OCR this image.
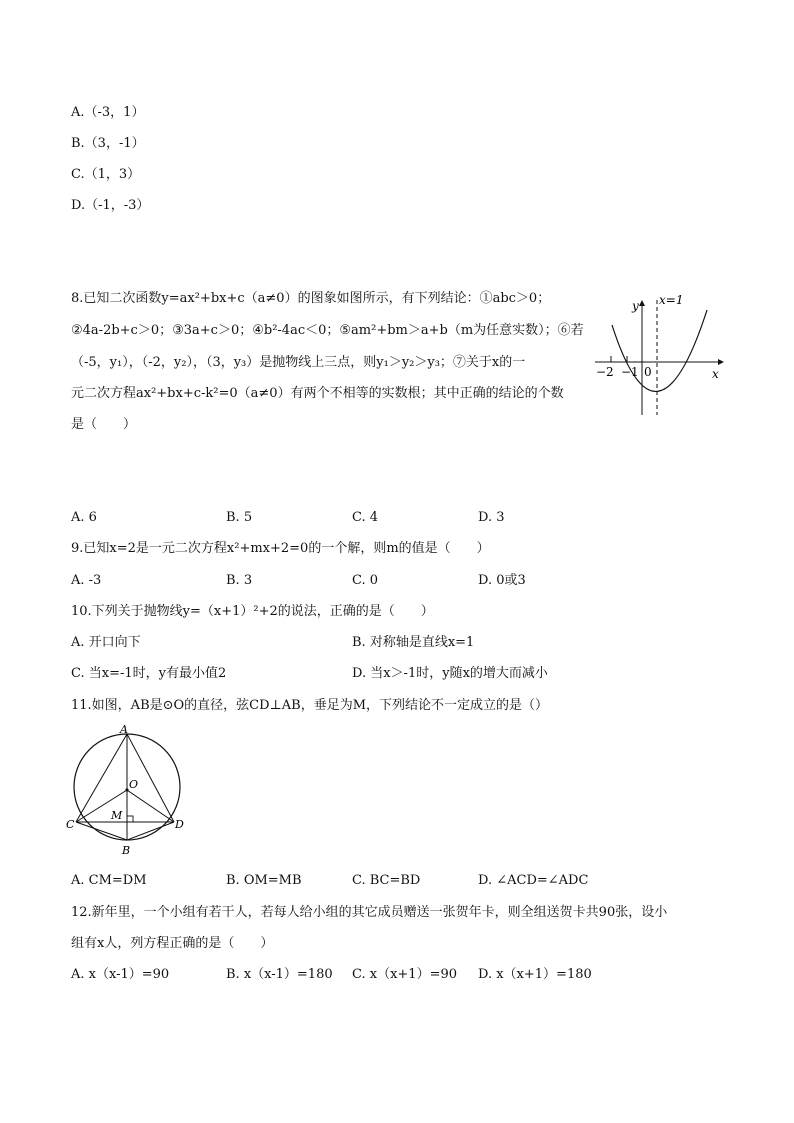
A.（-3，1）
B.（3，-1）
C.（1，3）
D.（-1，-3）
8.已知二次函数y=ax²+bx+c（a≠0）的图象如图所示，有下列结论：①abc＞0；
②4a-2b+c＞0；③3a+c＞0；④b²-4ac＜0；⑤am²+bm＞a+b（m为任意实数）；⑥若
（-5，y₁），（-2，y₂），（3，y₃）是抛物线上三点，则y₁＞y₂＞y₃；⑦关于x的一
元二次方程ax²+bx+c-k²=0（a≠0）有两个不相等的实数根；其中正确的结论的个数
是（　　）
y x=1
−2 −1 0	x
A. 6	B. 5	C. 4	D. 3
9.已知x=2是一元二次方程x²+mx+2=0的一个解，则m的值是（　　）
A. -3	B. 3	C. 0	D. 0或3
10.下列关于抛物线y=（x+1）²+2的说法，正确的是（　　）
A. 开口向下	B. 对称轴是直线x=1
C. 当x=-1时，y有最小值2	D. 当x＞-1时，y随x的增大而减小
11.如图，AB是⊙O的直径，弦CD⊥AB，垂足为M，下列结论不一定成立的是（）
A
O
M
C	D
B
A. CM=DM	B. OM=MB	C. BC=BD	D. ∠ACD=∠ADC
12.新年里，一个小组有若干人，若每人给小组的其它成员赠送一张贺年卡，则全组送贺卡共90张，设小
组有x人，列方程正确的是（　　）
A. x（x-1）=90	B. x（x-1）=180 C. x（x+1）=90 D. x（x+1）=180
